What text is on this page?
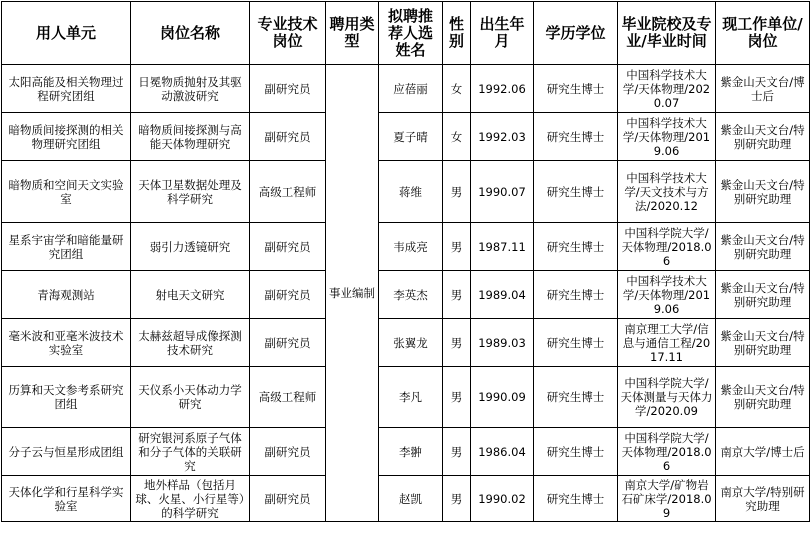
用人单元	岗位名称	专业技术岗位	聘用类型	拟聘推荐人选姓名	性别	出生年月	学历学位	毕业院校及专业/毕业时间	现工作单位/岗位
太阳高能及相关物理过程研究团组	日冕物质抛射及其驱动激波研究	副研究员	事业编制	应蓓丽	女	1992.06	研究生博士	中国科学技术大学/天体物理/2020.07	紫金山天文台/博士后
暗物质间接探测的相关物理研究团组	暗物质间接探测与高能天体物理研究	副研究员		夏子晴	女	1992.03	研究生博士	中国科学技术大学/天体物理/2019.06	紫金山天文台/特别研究助理
暗物质和空间天文实验室	天体卫星数据处理及科学研究	高级工程师		蒋维	男	1990.07	研究生博士	中国科学技术大学/天文技术与方法/2020.12	紫金山天文台/特别研究助理
星系宇宙学和暗能量研究团组	弱引力透镜研究	副研究员		韦成亮	男	1987.11	研究生博士	中国科学院大学/天体物理/2018.06	紫金山天文台/特别研究助理
青海观测站	射电天文研究	副研究员		李英杰	男	1989.04	研究生博士	中国科学技术大学/天体物理/2019.06	紫金山天文台/特别研究助理
毫米波和亚毫米波技术实验室	太赫兹超导成像探测技术研究	副研究员		张翼龙	男	1989.03	研究生博士	南京理工大学/信息与通信工程/2017.11	紫金山天文台/特别研究助理
历算和天文参考系研究团组	天仪系小天体动力学研究	高级工程师		李凡	男	1990.09	研究生博士	中国科学院大学/天体测量与天体力学/2020.09	紫金山天文台/特别研究助理
分子云与恒星形成团组	研究银河系原子气体和分子气体的关联研究	副研究员		李翀	男	1986.04	研究生博士	中国科学院大学/天体物理/2018.06	南京大学/博士后
天体化学和行星科学实验室	地外样品（包括月球、火星、小行星等）的科学研究	副研究员		赵凯	男	1990.02	研究生博士	南京大学/矿物岩石矿床学/2018.09	南京大学/特别研究助理
